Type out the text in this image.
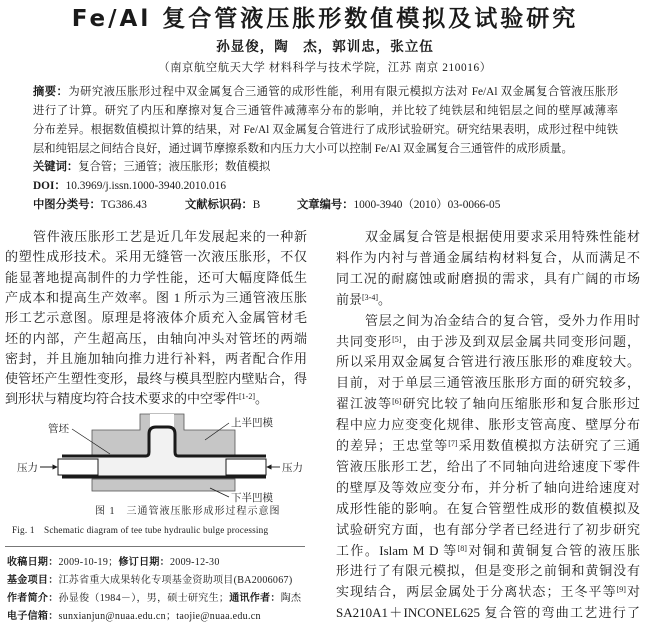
Fe/Al 复合管液压胀形数值模拟及试验研究
孙显俊，陶　杰，郭训忠，张立伍
（南京航空航天大学 材料科学与技术学院，江苏 南京 210016）
摘要：为研究液压胀形过程中双金属复合三通管的成形性能，利用有限元模拟方法对 Fe/Al 双金属复合管液压胀形
进行了计算。研究了内压和摩擦对复合三通管件减薄率分布的影响，并比较了纯铁层和纯铝层之间的壁厚减薄率
分布差异。根据数值模拟计算的结果，对 Fe/Al 双金属复合管进行了成形试验研究。研究结果表明，成形过程中纯铁
层和纯铝层之间结合良好，通过调节摩擦系数和内压力大小可以控制 Fe/Al 双金属复合三通管件的成形质量。
关键词：复合管；三通管；液压胀形；数值模拟
DOI：10.3969/j.issn.1000-3940.2010.016
中图分类号：TG386.43	文献标识码：B	文章编号：1000-3940（2010）03-0066-05
管件液压胀形工艺是近几年发展起来的一种新
的塑性成形技术。采用无缝管一次液压胀形，不仅
能显著地提高制件的力学性能，还可大幅度降低生
产成本和提高生产效率。图 1 所示为三通管液压胀
形工艺示意图。原理是将液体介质充入金属管材毛
坯的内部，产生超高压，由轴向冲头对管坯的两端
密封，并且施加轴向推力进行补料，两者配合作用
使管坯产生塑性变形，最终与模具型腔内壁贴合，得
到形状与精度均符合技术要求的中空零件[1-2]。
双金属复合管是根据使用要求采用特殊性能材
料作为内衬与普通金属结构材料复合，从而满足不
同工况的耐腐蚀或耐磨损的需求，具有广阔的市场
前景[3-4]。
管层之间为冶金结合的复合管，受外力作用时
共同变形[5]，由于涉及到双层金属共同变形问题，
所以采用双金属复合管进行液压胀形的难度较大。
目前，对于单层三通管液压胀形方面的研究较多，
翟江波等[6]研究比较了轴向压缩胀形和复合胀形过
程中应力应变变化规律、胀形支管高度、壁厚分布
的差异；王忠堂等[7]采用数值模拟方法研究了三通
管液压胀形工艺，给出了不同轴向进给速度下零件
的壁厚及等效应变分布，并分析了轴向进给速度对
成形性能的影响。在复合管塑性成形的数值模拟及
试验研究方面，也有部分学者已经进行了初步研究
工作。Islam M D 等[8]对铜和黄铜复合管的液压胀
形进行了有限元模拟，但是变形之前铜和黄铜没有
实现结合，两层金属处于分离状态；王冬平等[9]对
SA210A1＋INCONEL625 复合管的弯曲工艺进行了
管坯
上半凹模
下半凹模
压力	压力
图 1　三通管液压胀形成形过程示意图
Fig. 1　Schematic diagram of tee tube hydraulic bulge processing
收稿日期：2009-10-19；修订日期：2009-12-30
基金项目：江苏省重大成果转化专项基金资助项目(BA2006067)
作者简介：孙显俊（1984－），男，硕士研究生；通讯作者：陶杰
电子信箱：sunxianjun@nuaa.edu.cn；taojie@nuaa.edu.cn
